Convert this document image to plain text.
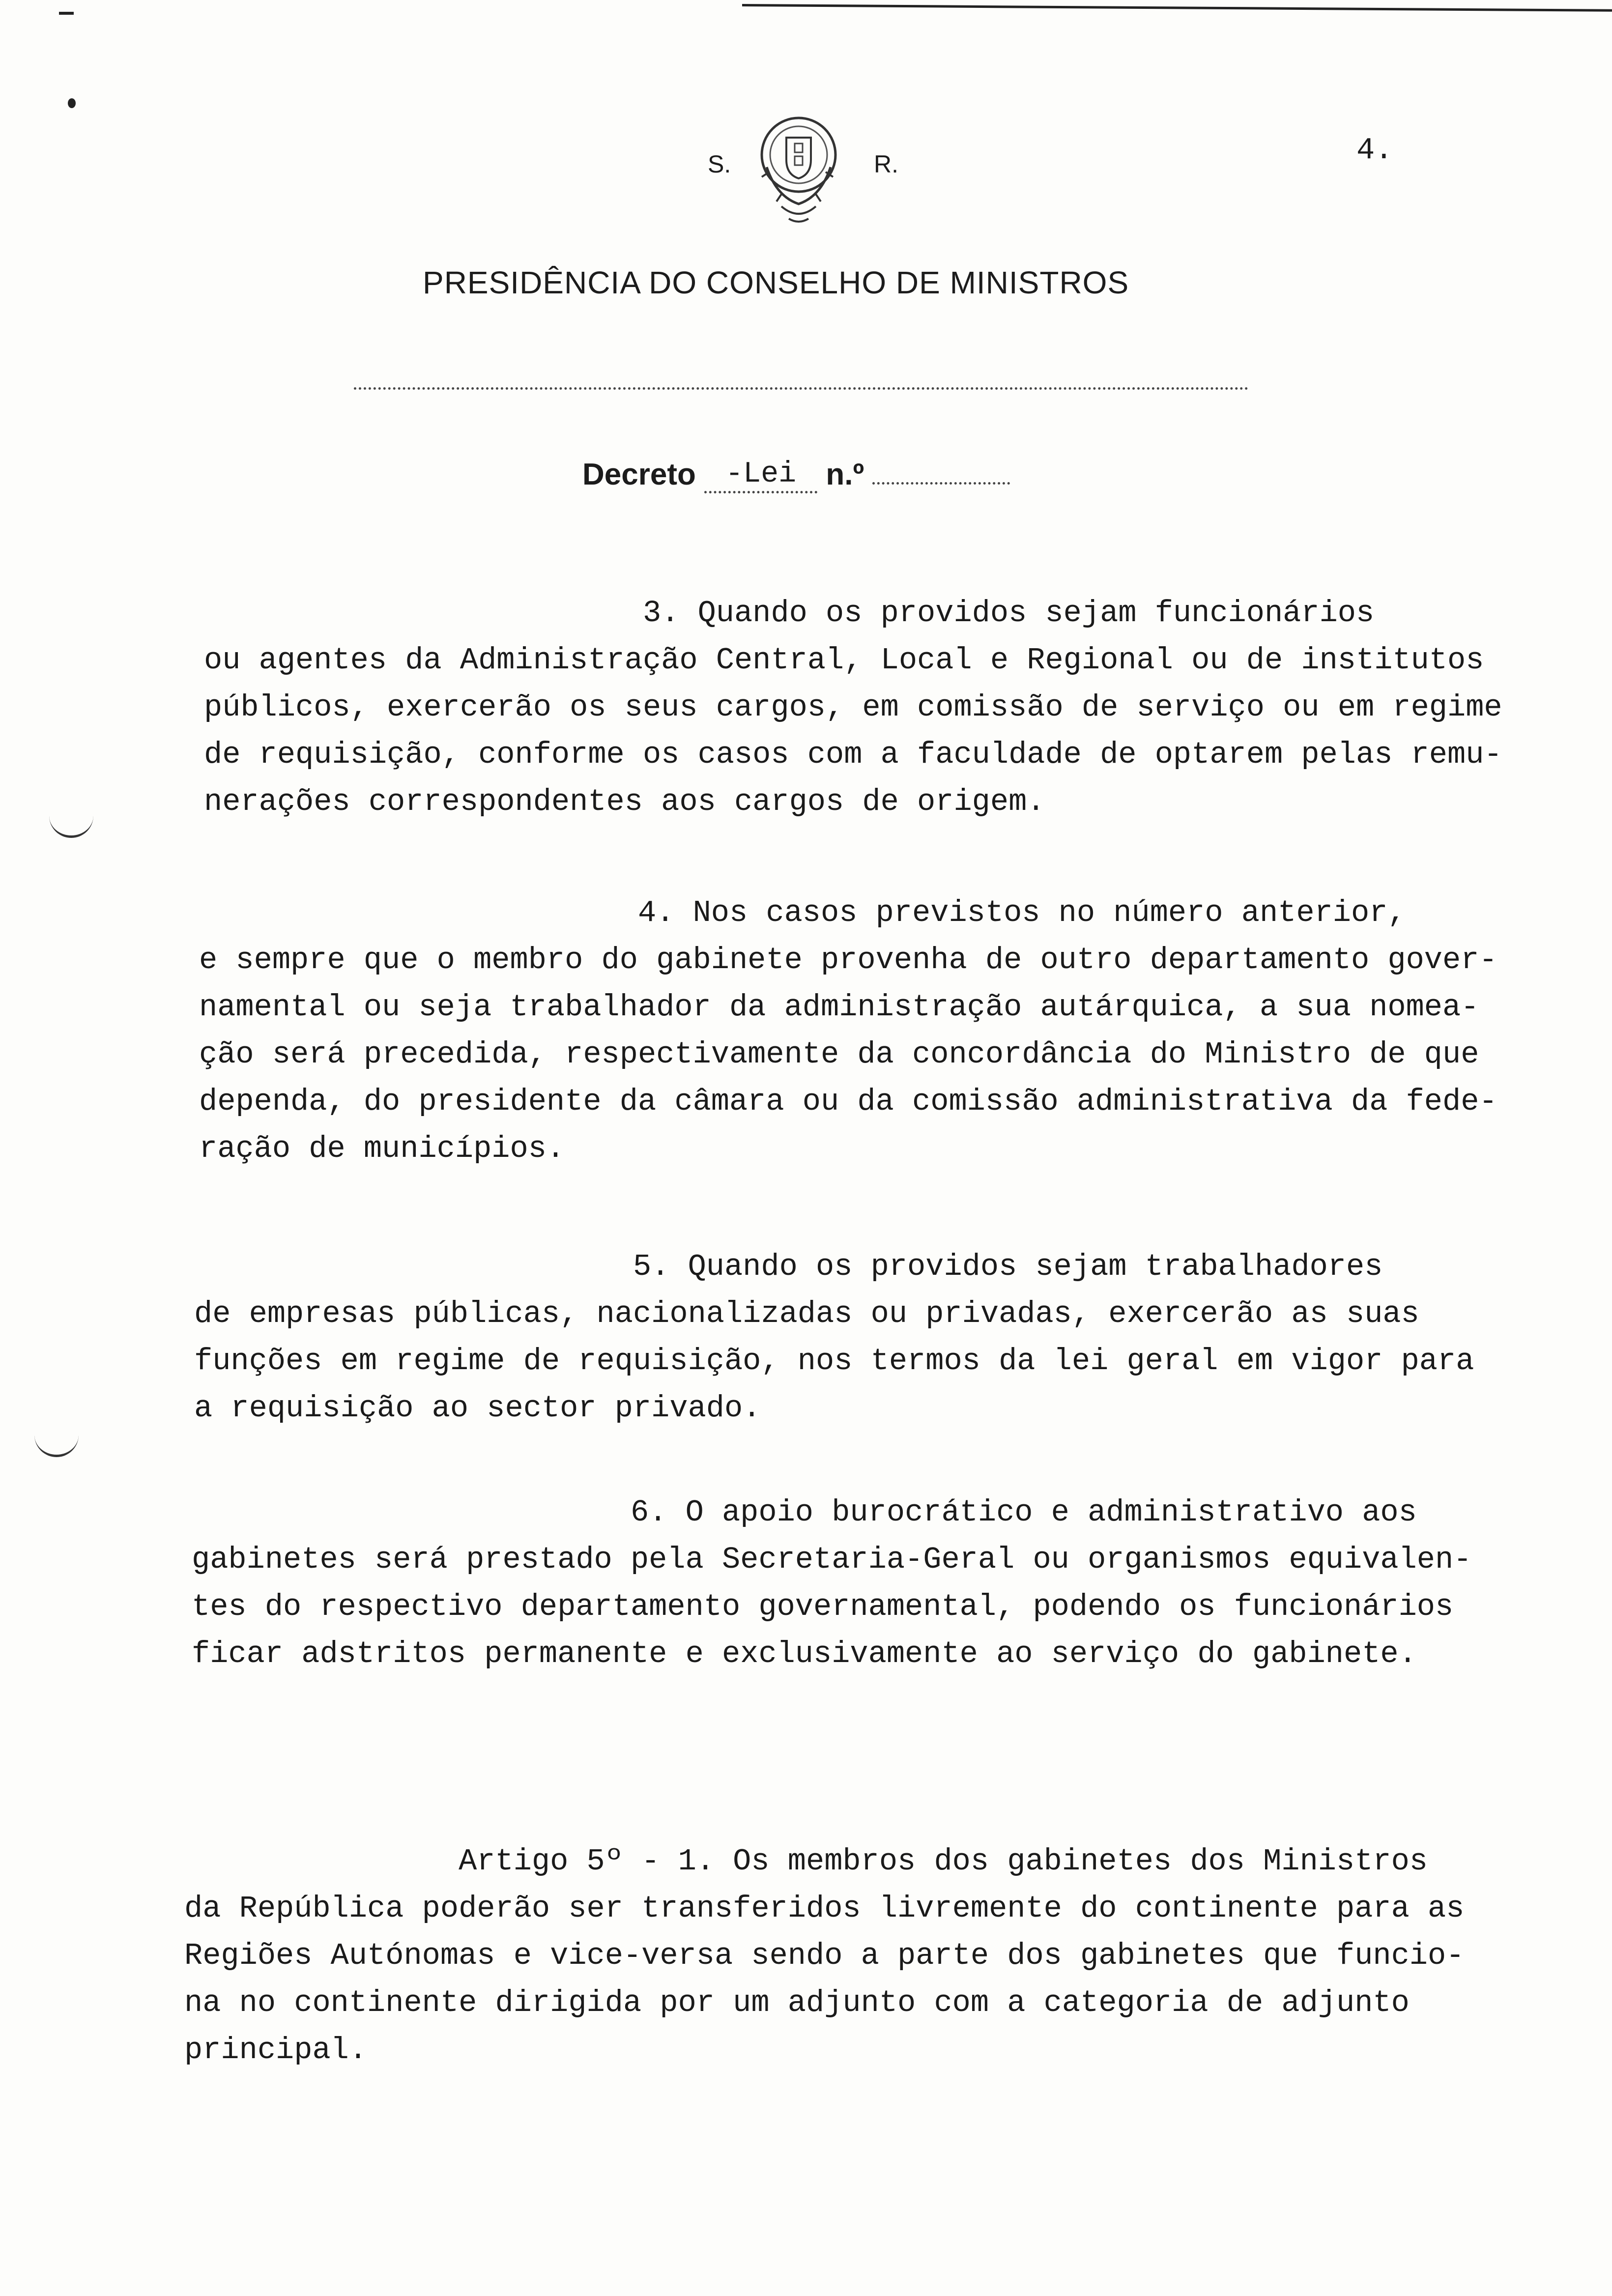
S.	R.	4.
PRESIDÊNCIA DO CONSELHO DE MINISTROS
Decreto -Lei n.º
3. Quando os providos sejam funcionários
ou agentes da Administração Central, Local e Regional ou de institutos
públicos, exercerão os seus cargos, em comissão de serviço ou em regime
de requisição, conforme os casos com a faculdade de optarem pelas remu-
nerações correspondentes aos cargos de origem.
4. Nos casos previstos no número anterior,
e sempre que o membro do gabinete provenha de outro departamento gover-
namental ou seja trabalhador da administração autárquica, a sua nomea-
ção será precedida, respectivamente da concordância do Ministro de que
dependa, do presidente da câmara ou da comissão administrativa da fede-
ração de municípios.
5. Quando os providos sejam trabalhadores
de empresas públicas, nacionalizadas ou privadas, exercerão as suas
funções em regime de requisição, nos termos da lei geral em vigor para
a requisição ao sector privado.
6. O apoio burocrático e administrativo aos
gabinetes será prestado pela Secretaria-Geral ou organismos equivalen-
tes do respectivo departamento governamental, podendo os funcionários
ficar adstritos permanente e exclusivamente ao serviço do gabinete.
Artigo 5º - 1. Os membros dos gabinetes dos Ministros
da República poderão ser transferidos livremente do continente para as
Regiões Autónomas e vice-versa sendo a parte dos gabinetes que funcio-
na no continente dirigida por um adjunto com a categoria de adjunto
principal.
